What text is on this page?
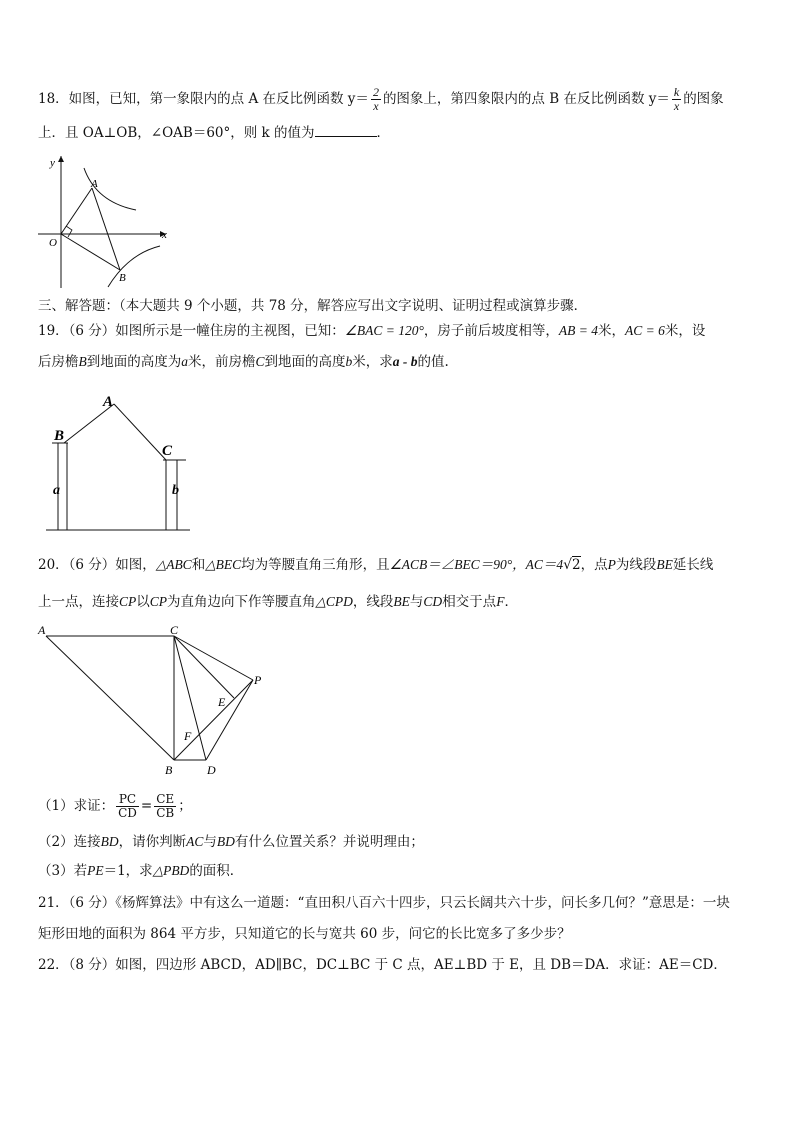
18．如图，已知，第一象限内的点 A 在反比例函数 $y= \frac{2}{x}$ 的图象上，第四象限内的点 B 在反比例函数 $y= \frac{k}{x}$ 的图象
上．且 OA⊥OB，∠OAB＝60°，则 k 的值为	．
y
x
O
A
B
三、解答题：（本大题共 9 个小题，共 78 分，解答应写出文字说明、证明过程或演算步骤．
19．（6 分）如图所示是一幢住房的主视图，已知：∠BAC = 120°，房子前后坡度相等，AB = 4米，AC = 6米，设
后房檐B到地面的高度为a米，前房檐C到地面的高度b米，求a - b的值.
A
B
C
a	b
20．（6 分）如图，△ABC和△BEC均为等腰直角三角形，且∠ACB＝∠BEC＝90°，AC＝4√2，点P为线段BE延长线
上一点，连接CP以CP为直角边向下作等腰直角△CPD，线段BE与CD相交于点F．
A	C
P
E
F
B	D
（1）求证： $\frac{PC}{CD} = \frac{CE}{CB}$ ；
（2）连接BD，请你判断AC与BD有什么位置关系？并说明理由；
（3）若PE＝1，求△PBD的面积．
21．（6 分）《杨辉算法》中有这么一道题：“直田积八百六十四步，只云长阔共六十步，问长多几何？”意思是：一块
矩形田地的面积为 864 平方步，只知道它的长与宽共 60 步，问它的长比宽多了多少步？
22．（8 分）如图，四边形 ABCD，AD∥BC，DC⊥BC 于 C 点，AE⊥BD 于 E，且 DB＝DA．求证：AE＝CD．
